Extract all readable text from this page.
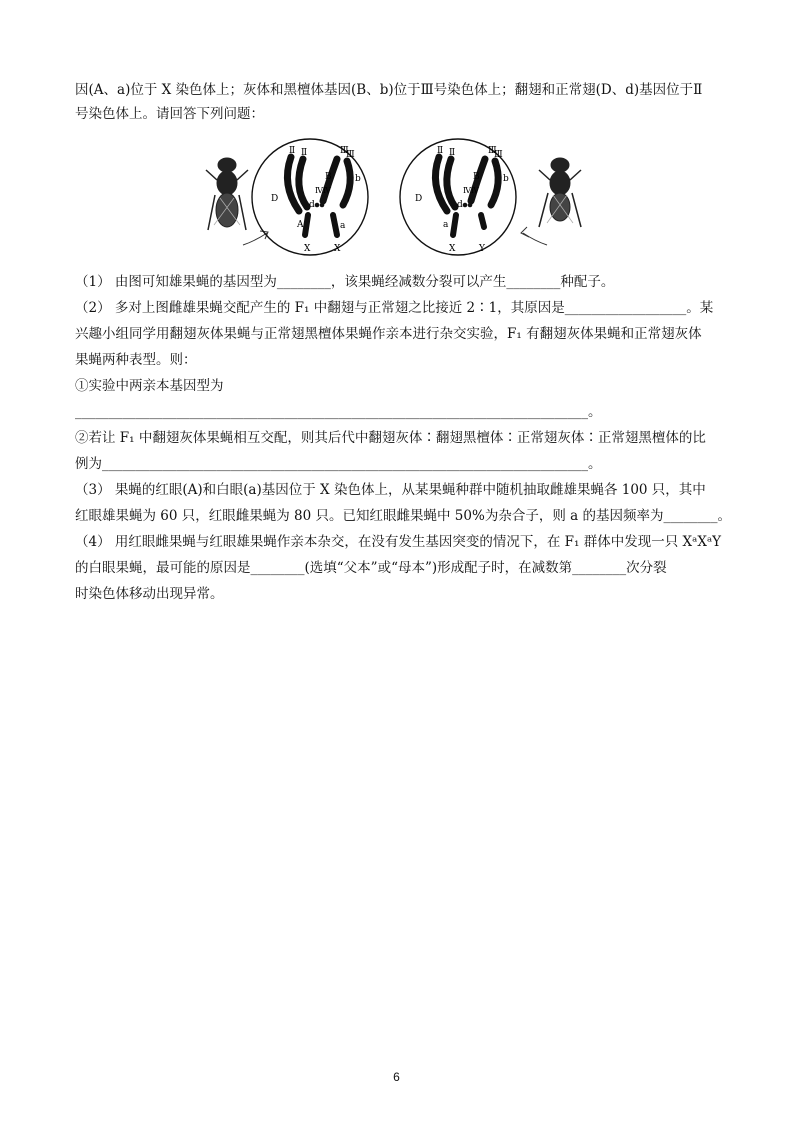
因(A、a)位于 X 染色体上；灰体和黑檀体基因(B、b)位于Ⅲ号染色体上；翻翅和正常翅(D、d)基因位于Ⅱ
号染色体上。请回答下列问题：
Ⅱ Ⅱ	Ⅲ
Ⅲ
B	b
D
d
Ⅳ Ⅳ
A	a
X	X
Ⅱ Ⅱ	Ⅲ
Ⅲ
B	b
D
d
Ⅳ Ⅳ
a
X	Y
（1） 由图可知雄果蝇的基因型为________，该果蝇经减数分裂可以产生________种配子。
（2） 多对上图雌雄果蝇交配产生的 F₁ 中翻翅与正常翅之比接近 2∶1，其原因是__________________。某
兴趣小组同学用翻翅灰体果蝇与正常翅黑檀体果蝇作亲本进行杂交实验，F₁ 有翻翅灰体果蝇和正常翅灰体
果蝇两种表型。则：
①实验中两亲本基因型为
____________________________________________________________________________。
②若让 F₁ 中翻翅灰体果蝇相互交配，则其后代中翻翅灰体∶翻翅黑檀体∶正常翅灰体∶正常翅黑檀体的比
例为________________________________________________________________________。
（3） 果蝇的红眼(A)和白眼(a)基因位于 X 染色体上，从某果蝇种群中随机抽取雌雄果蝇各 100 只，其中
红眼雄果蝇为 60 只，红眼雌果蝇为 80 只。已知红眼雌果蝇中 50%为杂合子，则 a 的基因频率为________。
（4） 用红眼雌果蝇与红眼雄果蝇作亲本杂交，在没有发生基因突变的情况下，在 F₁ 群体中发现一只 XᵃXᵃY
的白眼果蝇，最可能的原因是________(选填“父本”或“母本”)形成配子时，在减数第________次分裂
时染色体移动出现异常。
6
